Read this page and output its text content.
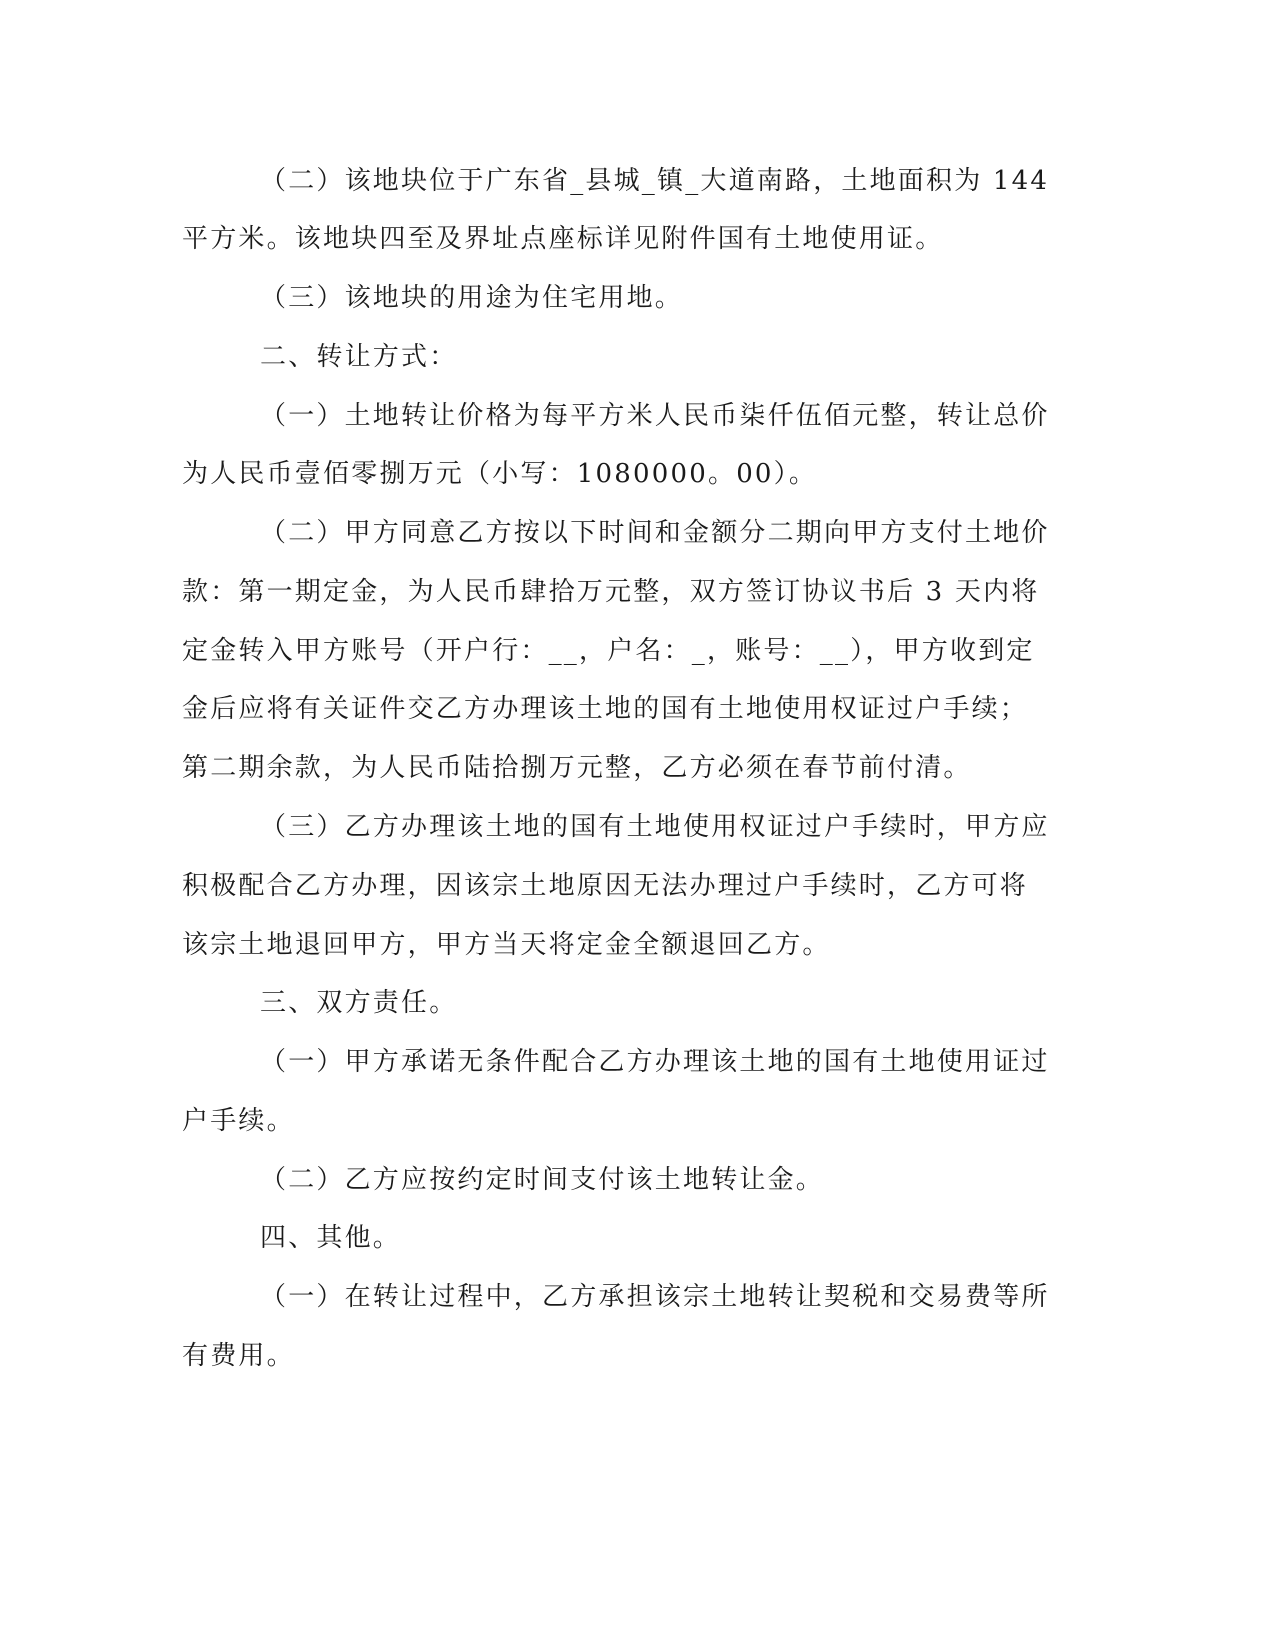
（二）该地块位于广东省_县城_镇_大道南路，土地面积为 144

平方米。该地块四至及界址点座标详见附件国有土地使用证。

（三）该地块的用途为住宅用地。

二、转让方式：

（一）土地转让价格为每平方米人民币柒仟伍佰元整，转让总价

为人民币壹佰零捌万元（小写：1080000。00）。

（二）甲方同意乙方按以下时间和金额分二期向甲方支付土地价

款：第一期定金，为人民币肆拾万元整，双方签订协议书后 3 天内将

定金转入甲方账号（开户行：__，户名：_，账号：__），甲方收到定

金后应将有关证件交乙方办理该土地的国有土地使用权证过户手续；

第二期余款，为人民币陆拾捌万元整，乙方必须在春节前付清。

（三）乙方办理该土地的国有土地使用权证过户手续时，甲方应

积极配合乙方办理，因该宗土地原因无法办理过户手续时，乙方可将

该宗土地退回甲方，甲方当天将定金全额退回乙方。

三、双方责任。

（一）甲方承诺无条件配合乙方办理该土地的国有土地使用证过

户手续。

（二）乙方应按约定时间支付该土地转让金。

四、其他。

（一）在转让过程中，乙方承担该宗土地转让契税和交易费等所

有费用。
